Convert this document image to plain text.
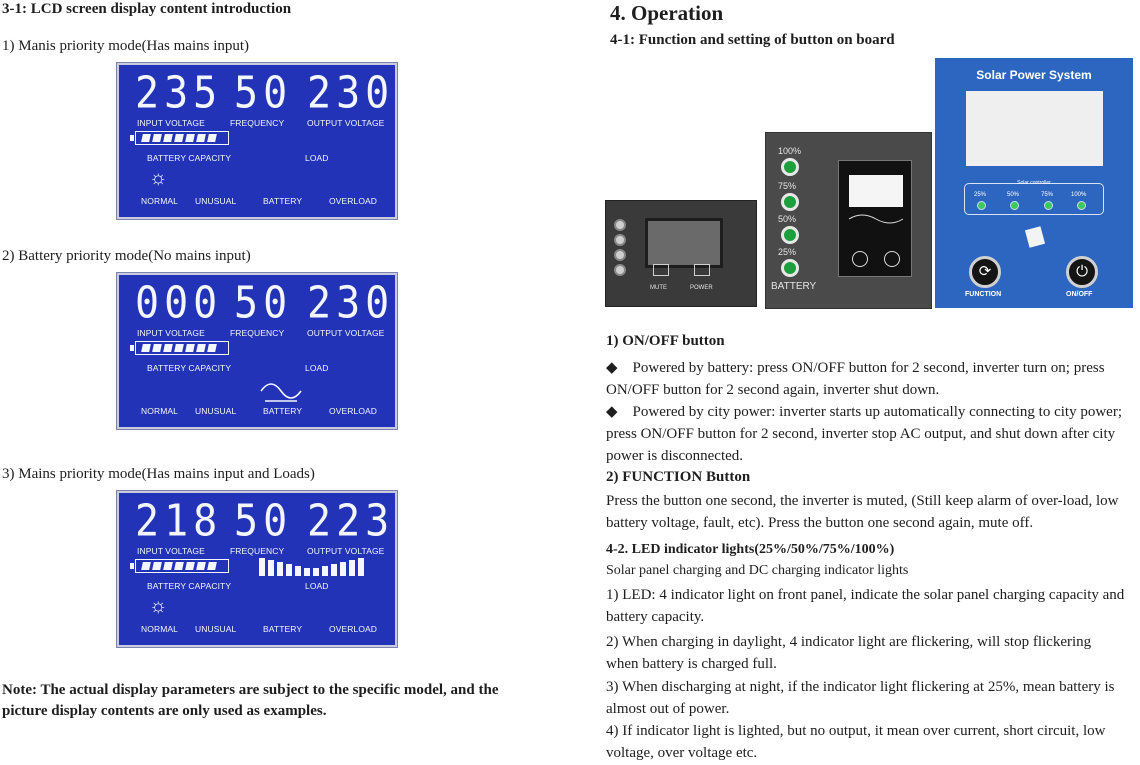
3-1: LCD screen display content introduction
1) Manis priority mode(Has mains input)
235 50 230
INPUT VOLTAGE	FREQUENCY	OUTPUT VOLTAGE
BATTERY CAPACITY	LOAD
☼
NORMAL UNUSUAL	BATTERY	OVERLOAD
2) Battery priority mode(No mains input)
000 50 230
INPUT VOLTAGE	FREQUENCY	OUTPUT VOLTAGE
BATTERY CAPACITY	LOAD
NORMAL UNUSUAL	BATTERY	OVERLOAD
3) Mains priority mode(Has mains input and Loads)
218 50 223
INPUT VOLTAGE	FREQUENCY	OUTPUT VOLTAGE
BATTERY CAPACITY	LOAD
☼
NORMAL UNUSUAL	BATTERY	OVERLOAD
Note: The actual display parameters are subject to the specific model, and the picture display contents are only used as examples.
4. Operation
4-1: Function and setting of button on board
MUTE	POWER
100%
75%
50%
25%
BATTERY
Solar Power System
Solar controller
25%	50%	75%	100%
⟳	⏻
FUNCTION	ON/OFF
1) ON/OFF button
◆    Powered by battery: press ON/OFF button for 2 second, inverter turn on; press ON/OFF button for 2 second again, inverter shut down.
◆    Powered by city power: inverter starts up automatically connecting to city power; press ON/OFF button for 2 second, inverter stop AC output, and shut down after city power is disconnected.
2) FUNCTION Button
Press the button one second, the inverter is muted, (Still keep alarm of over-load, low battery voltage, fault, etc). Press the button one second again, mute off.
4-2. LED indicator lights(25%/50%/75%/100%)
Solar panel charging and DC charging indicator lights
1) LED: 4 indicator light on front panel, indicate the solar panel charging capacity and battery capacity.
2) When charging in daylight, 4 indicator light are flickering, will stop flickering when battery is charged full.
3) When discharging at night, if the indicator light flickering at 25%, mean battery is almost out of power.
4) If indicator light is lighted, but no output, it mean over current, short circuit, low voltage, over voltage etc.
